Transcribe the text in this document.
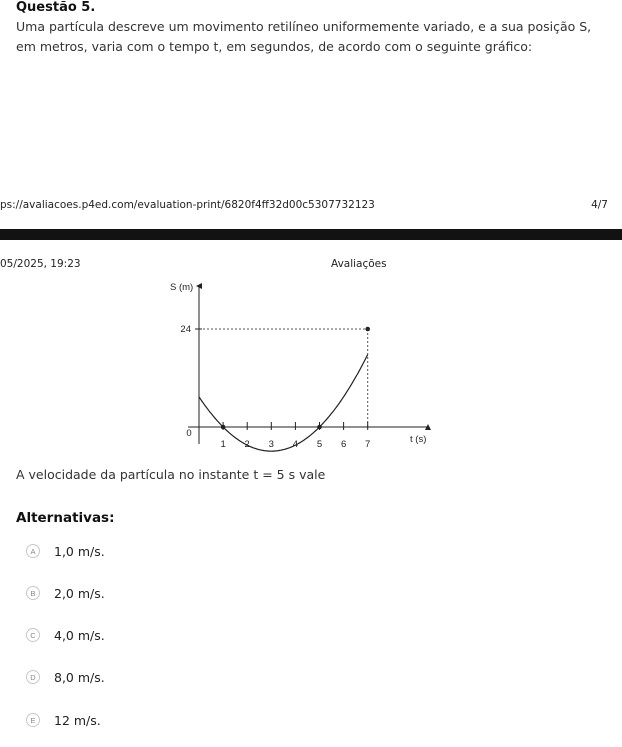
Questão 5.
Uma partícula descreve um movimento retilíneo uniformemente variado, e a sua posição S, em metros, varia com o tempo t, em segundos, de acordo com o seguinte gráfico:
ps://avaliacoes.p4ed.com/evaluation-print/6820f4ff32d00c5307732123	4/7
05/2025, 19:23	Avaliações
1 2 3 4 5 6 7
24
S (m)
t (s)
0
A velocidade da partícula no instante t = 5 s vale
Alternativas:
A	1,0 m/s.
B	2,0 m/s.
C	4,0 m/s.
D	8,0 m/s.
E	12 m/s.
